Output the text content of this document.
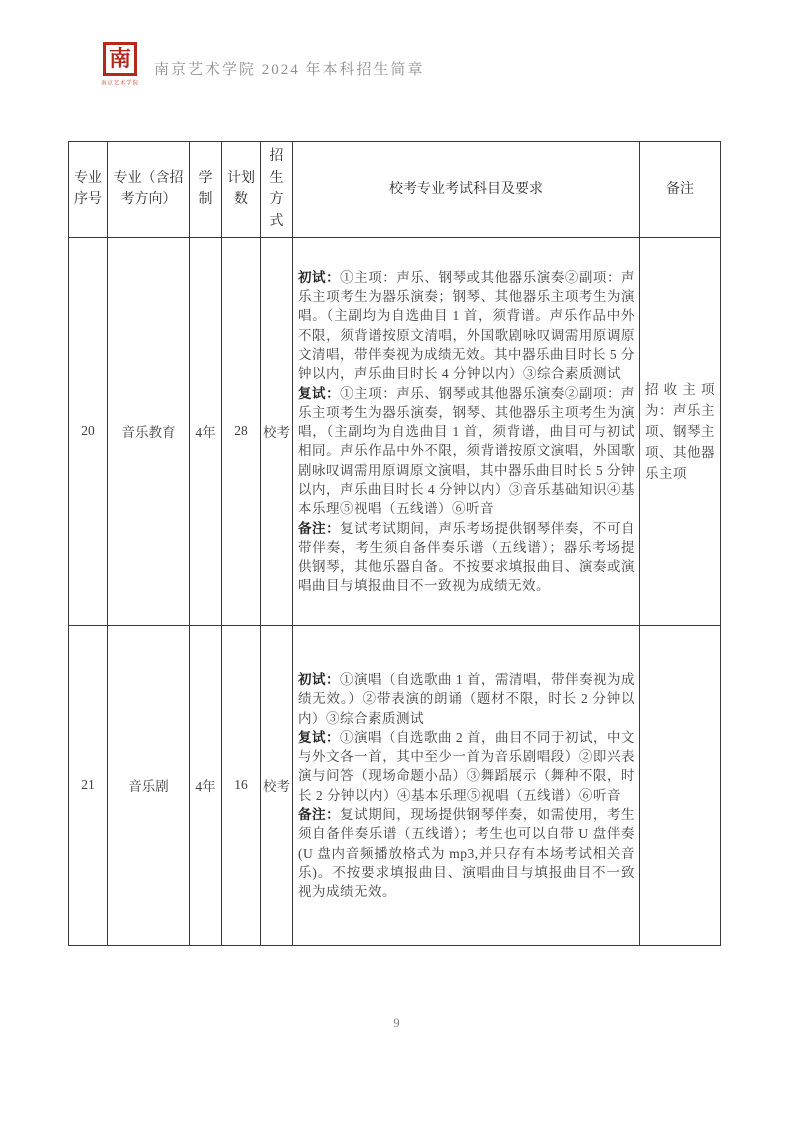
南
南京艺术学院
南京艺术学院 2024 年本科招生简章
专业序号	专业（含招考方向）	学制	计划数	招生方式	校考专业考试科目及要求	备注
20	音乐教育	4年	28	校考	初试：①主项：声乐、钢琴或其他器乐演奏②副项：声乐主项考生为器乐演奏；钢琴、其他器乐主项考生为演唱。（主副均为自选曲目 1 首，须背谱。声乐作品中外不限，须背谱按原文清唱，外国歌剧咏叹调需用原调原文清唱，带伴奏视为成绩无效。其中器乐曲目时长 5 分钟以内，声乐曲目时长 4 分钟以内）③综合素质测试

复试：①主项：声乐、钢琴或其他器乐演奏②副项：声乐主项考生为器乐演奏，钢琴、其他器乐主项考生为演唱，（主副均为自选曲目 1 首，须背谱，曲目可与初试相同。声乐作品中外不限，须背谱按原文演唱，外国歌剧咏叹调需用原调原文演唱，其中器乐曲目时长 5 分钟以内，声乐曲目时长 4 分钟以内）③音乐基础知识④基本乐理⑤视唱（五线谱）⑥听音

备注：复试考试期间，声乐考场提供钢琴伴奏，不可自带伴奏，考生须自备伴奏乐谱（五线谱）；器乐考场提供钢琴，其他乐器自备。不按要求填报曲目、演奏或演唱曲目与填报曲目不一致视为成绩无效。	招收主项为：声乐主项、钢琴主项、其他器乐主项

21	音乐剧	4年	16	校考	初试：①演唱（自选歌曲 1 首，需清唱，带伴奏视为成绩无效。）②带表演的朗诵（题材不限，时长 2 分钟以内）③综合素质测试

复试：①演唱（自选歌曲 2 首，曲目不同于初试，中文与外文各一首，其中至少一首为音乐剧唱段）②即兴表演与问答（现场命题小品）③舞蹈展示（舞种不限，时长 2 分钟以内）④基本乐理⑤视唱（五线谱）⑥听音

备注：复试期间，现场提供钢琴伴奏，如需使用，考生须自备伴奏乐谱（五线谱）；考生也可以自带 U 盘伴奏(U 盘内音频播放格式为 mp3,并只存有本场考试相关音乐)。不按要求填报曲目、演唱曲目与填报曲目不一致视为成绩无效。	

9
